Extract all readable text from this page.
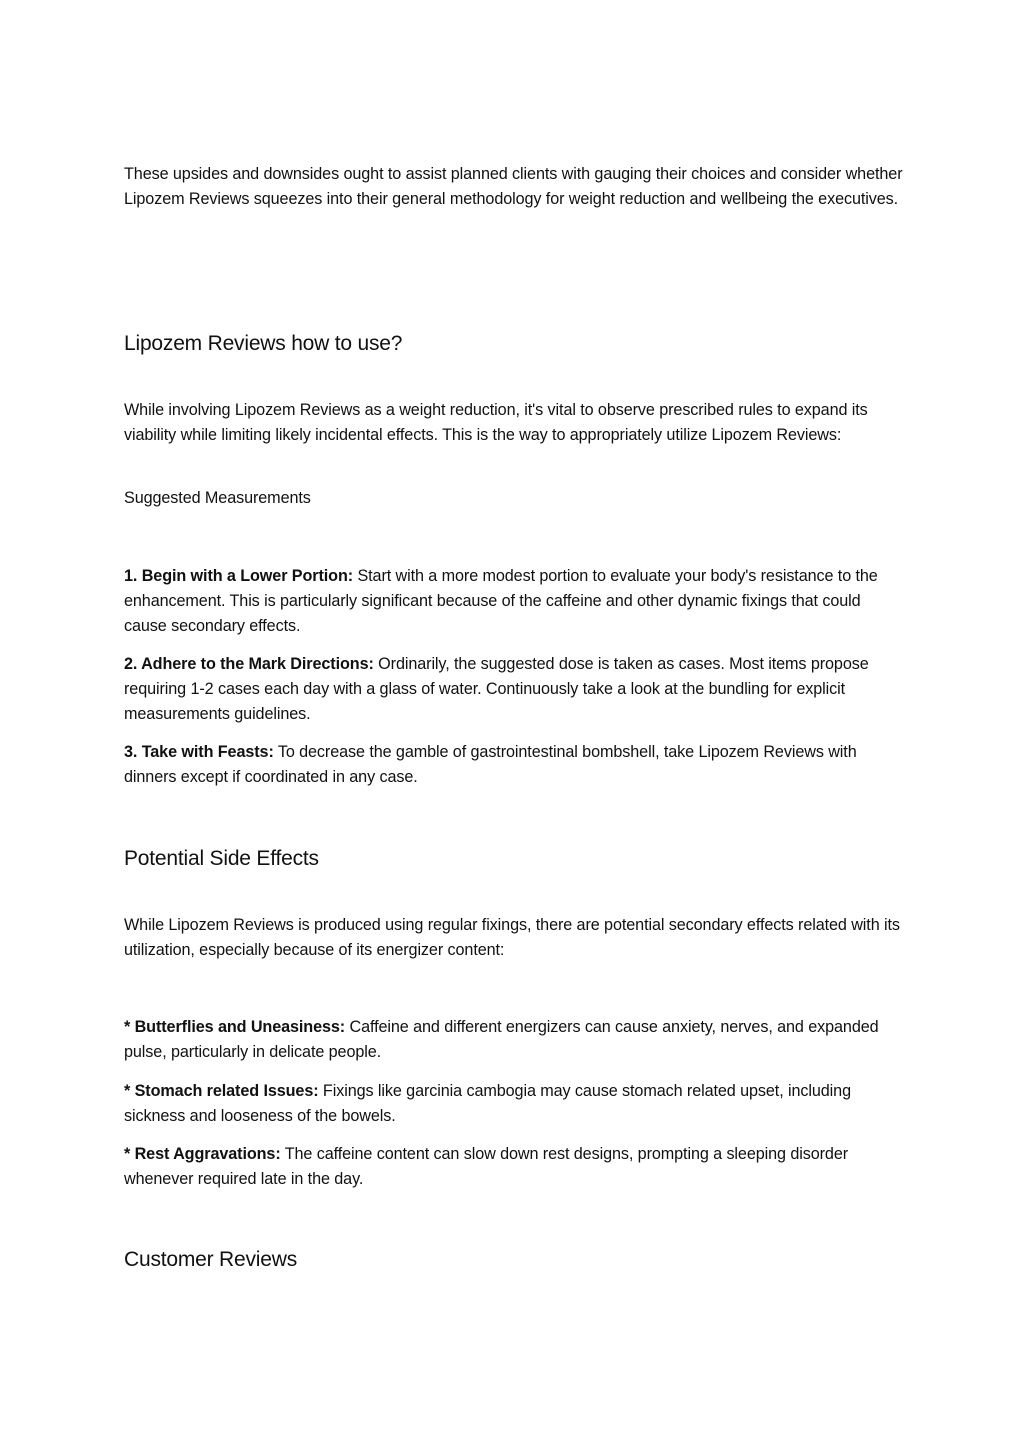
These upsides and downsides ought to assist planned clients with gauging their choices and consider whether Lipozem Reviews squeezes into their general methodology for weight reduction and wellbeing the executives.

Lipozem Reviews how to use?

While involving Lipozem Reviews as a weight reduction, it's vital to observe prescribed rules to expand its viability while limiting likely incidental effects. This is the way to appropriately utilize Lipozem Reviews:

Suggested Measurements

1. Begin with a Lower Portion: Start with a more modest portion to evaluate your body's resistance to the enhancement. This is particularly significant because of the caffeine and other dynamic fixings that could cause secondary effects.

2. Adhere to the Mark Directions: Ordinarily, the suggested dose is taken as cases. Most items propose requiring 1-2 cases each day with a glass of water. Continuously take a look at the bundling for explicit measurements guidelines.

3. Take with Feasts: To decrease the gamble of gastrointestinal bombshell, take Lipozem Reviews with dinners except if coordinated in any case.

Potential Side Effects

While Lipozem Reviews is produced using regular fixings, there are potential secondary effects related with its utilization, especially because of its energizer content:

* Butterflies and Uneasiness: Caffeine and different energizers can cause anxiety, nerves, and expanded pulse, particularly in delicate people.

* Stomach related Issues: Fixings like garcinia cambogia may cause stomach related upset, including sickness and looseness of the bowels.

* Rest Aggravations: The caffeine content can slow down rest designs, prompting a sleeping disorder whenever required late in the day.

Customer Reviews
